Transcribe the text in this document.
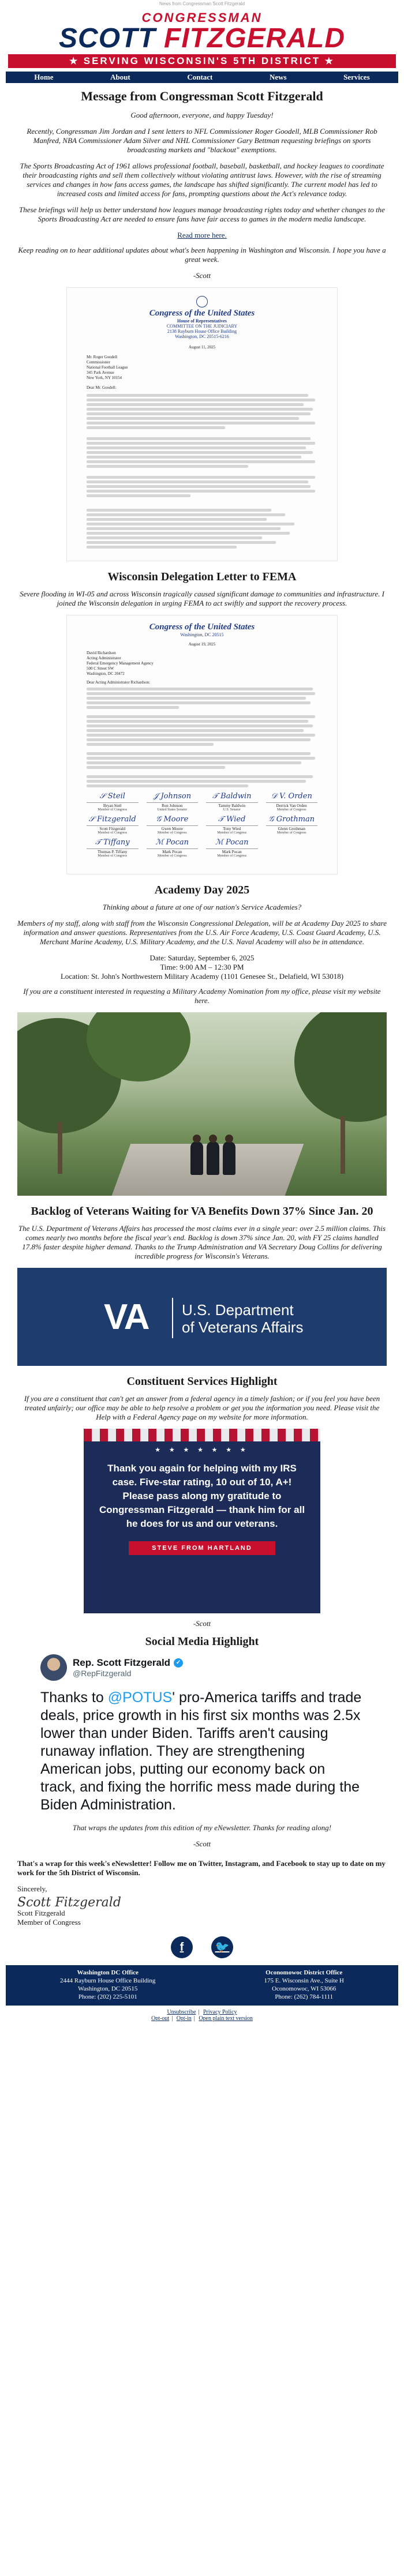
News from Congressman Scott Fitzgerald
CONGRESSMAN
SCOTT FITZGERALD
★ SERVING WISCONSIN'S 5TH DISTRICT ★
Home	About	Contact	News	Services
Message from Congressman Scott Fitzgerald

Good afternoon, everyone, and happy Tuesday!

Recently, Congressman Jim Jordan and I sent letters to NFL Commissioner Roger Goodell, MLB Commissioner Rob Manfred, NBA Commissioner Adam Silver and NHL Commissioner Gary Bettman requesting briefings on sports broadcasting markets and "blackout" exemptions.

The Sports Broadcasting Act of 1961 allows professional football, baseball, basketball, and hockey leagues to coordinate their broadcasting rights and sell them collectively without violating antitrust laws. However, with the rise of streaming services and changes in how fans access games, the landscape has shifted significantly. The current model has led to increased costs and limited access for fans, prompting questions about the Act's relevance today.

These briefings will help us better understand how leagues manage broadcasting rights today and whether changes to the Sports Broadcasting Act are needed to ensure fans have fair access to games in the modern media landscape.

Read more here.

Keep reading on to hear additional updates about what's been happening in Washington and Wisconsin. I hope you have a great week.

-Scott

Congress of the United States
House of Representatives
COMMITTEE ON THE JUDICIARY
2138 Rayburn House Office Building
Washington, DC 20515-6216
August 11, 2025
Mr. Roger Goodell
Commissioner
National Football League
345 Park Avenue
New York, NY 10154
Dear Mr. Goodell:
Wisconsin Delegation Letter to FEMA

Severe flooding in WI-05 and across Wisconsin tragically caused significant damage to communities and infrastructure. I joined the Wisconsin delegation in urging FEMA to act swiftly and support the recovery process.

Congress of the United States
Washington, DC 20515
August 19, 2025
David Richardson
Acting Administrator
Federal Emergency Management Agency
500 C Street SW
Washington, DC 20472
Dear Acting Administrator Richardson:
𝒮 Steil
Bryan Steil
Member of Congress
𝒥 Johnson
Ron Johnson
United States Senator
𝒯 Baldwin
Tammy Baldwin
U.S. Senator
𝒟 V. Orden
Derrick Van Orden
Member of Congress
𝒮 Fitzgerald
Scott Fitzgerald
Member of Congress
𝒢 Moore
Gwen Moore
Member of Congress
𝒯 Wied
Tony Wied
Member of Congress
𝒢 Grothman
Glenn Grothman
Member of Congress
𝒯 Tiffany
Thomas P. Tiffany
Member of Congress
ℳ Pocan
Mark Pocan
Member of Congress
ℳ Pocan
Mark Pocan
Member of Congress
Academy Day 2025

Thinking about a future at one of our nation's Service Academies?

Members of my staff, along with staff from the Wisconsin Congressional Delegation, will be at Academy Day 2025 to share information and answer questions. Representatives from the U.S. Air Force Academy, U.S. Coast Guard Academy, U.S. Merchant Marine Academy, U.S. Military Academy, and the U.S. Naval Academy will also be in attendance.

Date: Saturday, September 6, 2025

Time: 9:00 AM – 12:30 PM

Location: St. John's Northwestern Military Academy (1101 Genesee St., Delafield, WI 53018)

If you are a constituent interested in requesting a Military Academy Nomination from my office, please visit my website here.

Backlog of Veterans Waiting for VA Benefits Down 37% Since Jan. 20

The U.S. Department of Veterans Affairs has processed the most claims ever in a single year: over 2.5 million claims. This comes nearly two months before the fiscal year's end. Backlog is down 37% since Jan. 20, with FY 25 claims handled 17.8% faster despite higher demand. Thanks to the Trump Administration and VA Secretary Doug Collins for delivering incredible progress for Wisconsin's Veterans.

VA U.S. Department
of Veterans Affairs
Constituent Services Highlight

If you are a constituent that can't get an answer from a federal agency in a timely fashion; or if you feel you have been treated unfairly; our office may be able to help resolve a problem or get you the information you need. Please visit the Help with a Federal Agency page on my website for more information.

★ ★ ★ ★ ★ ★ ★
Thank you again for helping with my IRS case. Five-star rating, 10 out of 10, A+! Please pass along my gratitude to Congressman Fitzgerald — thank him for all he does for us and our veterans.
STEVE FROM HARTLAND

-Scott

Social Media Highlight
Rep. Scott Fitzgerald ✓
@RepFitzgerald
Thanks to @POTUS' pro-America tariffs and trade deals, price growth in his first six months was 2.5x lower than under Biden. Tariffs aren't causing runaway inflation. They are strengthening American jobs, putting our economy back on track, and fixing the horrific mess made during the Biden Administration.

That wraps the updates from this edition of my eNewsletter. Thanks for reading along!

-Scott

That's a wrap for this week's eNewsletter! Follow me on Twitter, Instagram, and Facebook to stay up to date on my work for the 5th District of Wisconsin.

Sincerely,

Scott Fitzgerald

Scott Fitzgerald

Member of Congress

f	🐦
Washington DC Office
2444 Rayburn House Office Building
Washington, DC 20515
Phone: (202) 225-5101
Oconomowoc District Office
175 E. Wisconsin Ave., Suite H
Oconomowoc, WI 53066
Phone: (262) 784-1111
Unsubscribe | Privacy Policy
Opt-out | Opt-in | Open plain text version
